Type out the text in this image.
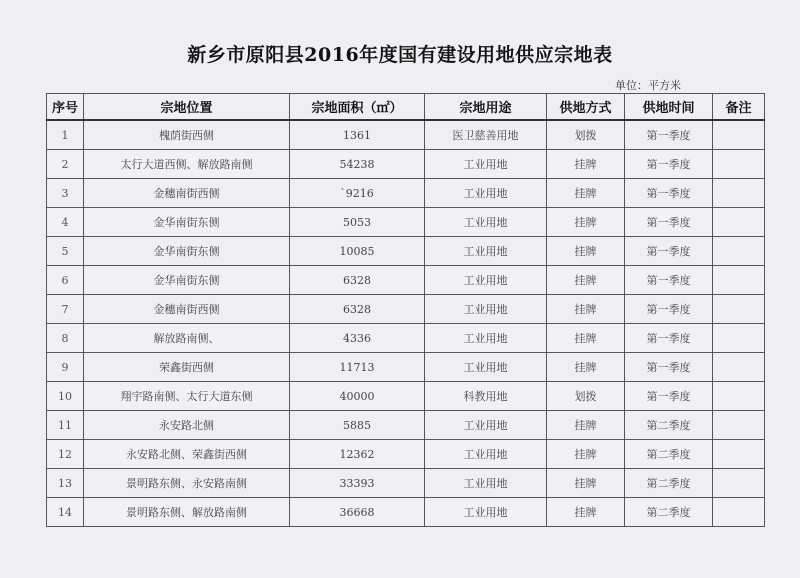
新乡市原阳县2016年度国有建设用地供应宗地表
单位：平方米
序号	宗地位置	宗地面积（㎡）	宗地用途	供地方式	供地时间	备注
1	槐荫街西侧	1361	医卫慈善用地	划拨	第一季度	
2	太行大道西侧、解放路南侧	54238	工业用地	挂牌	第一季度	
3	金穗南街西侧	`9216	工业用地	挂牌	第一季度	
4	金华南街东侧	5053	工业用地	挂牌	第一季度	
5	金华南街东侧	10085	工业用地	挂牌	第一季度	
6	金华南街东侧	6328	工业用地	挂牌	第一季度	
7	金穗南街西侧	6328	工业用地	挂牌	第一季度	
8	解放路南侧、	4336	工业用地	挂牌	第一季度	
9	荣鑫街西侧	11713	工业用地	挂牌	第一季度	
10	翔宇路南侧、太行大道东侧	40000	科教用地	划拨	第一季度	
11	永安路北侧	5885	工业用地	挂牌	第二季度	
12	永安路北侧、荣鑫街西侧	12362	工业用地	挂牌	第二季度	
13	景明路东侧、永安路南侧	33393	工业用地	挂牌	第二季度	
14	景明路东侧、解放路南侧	36668	工业用地	挂牌	第二季度	
